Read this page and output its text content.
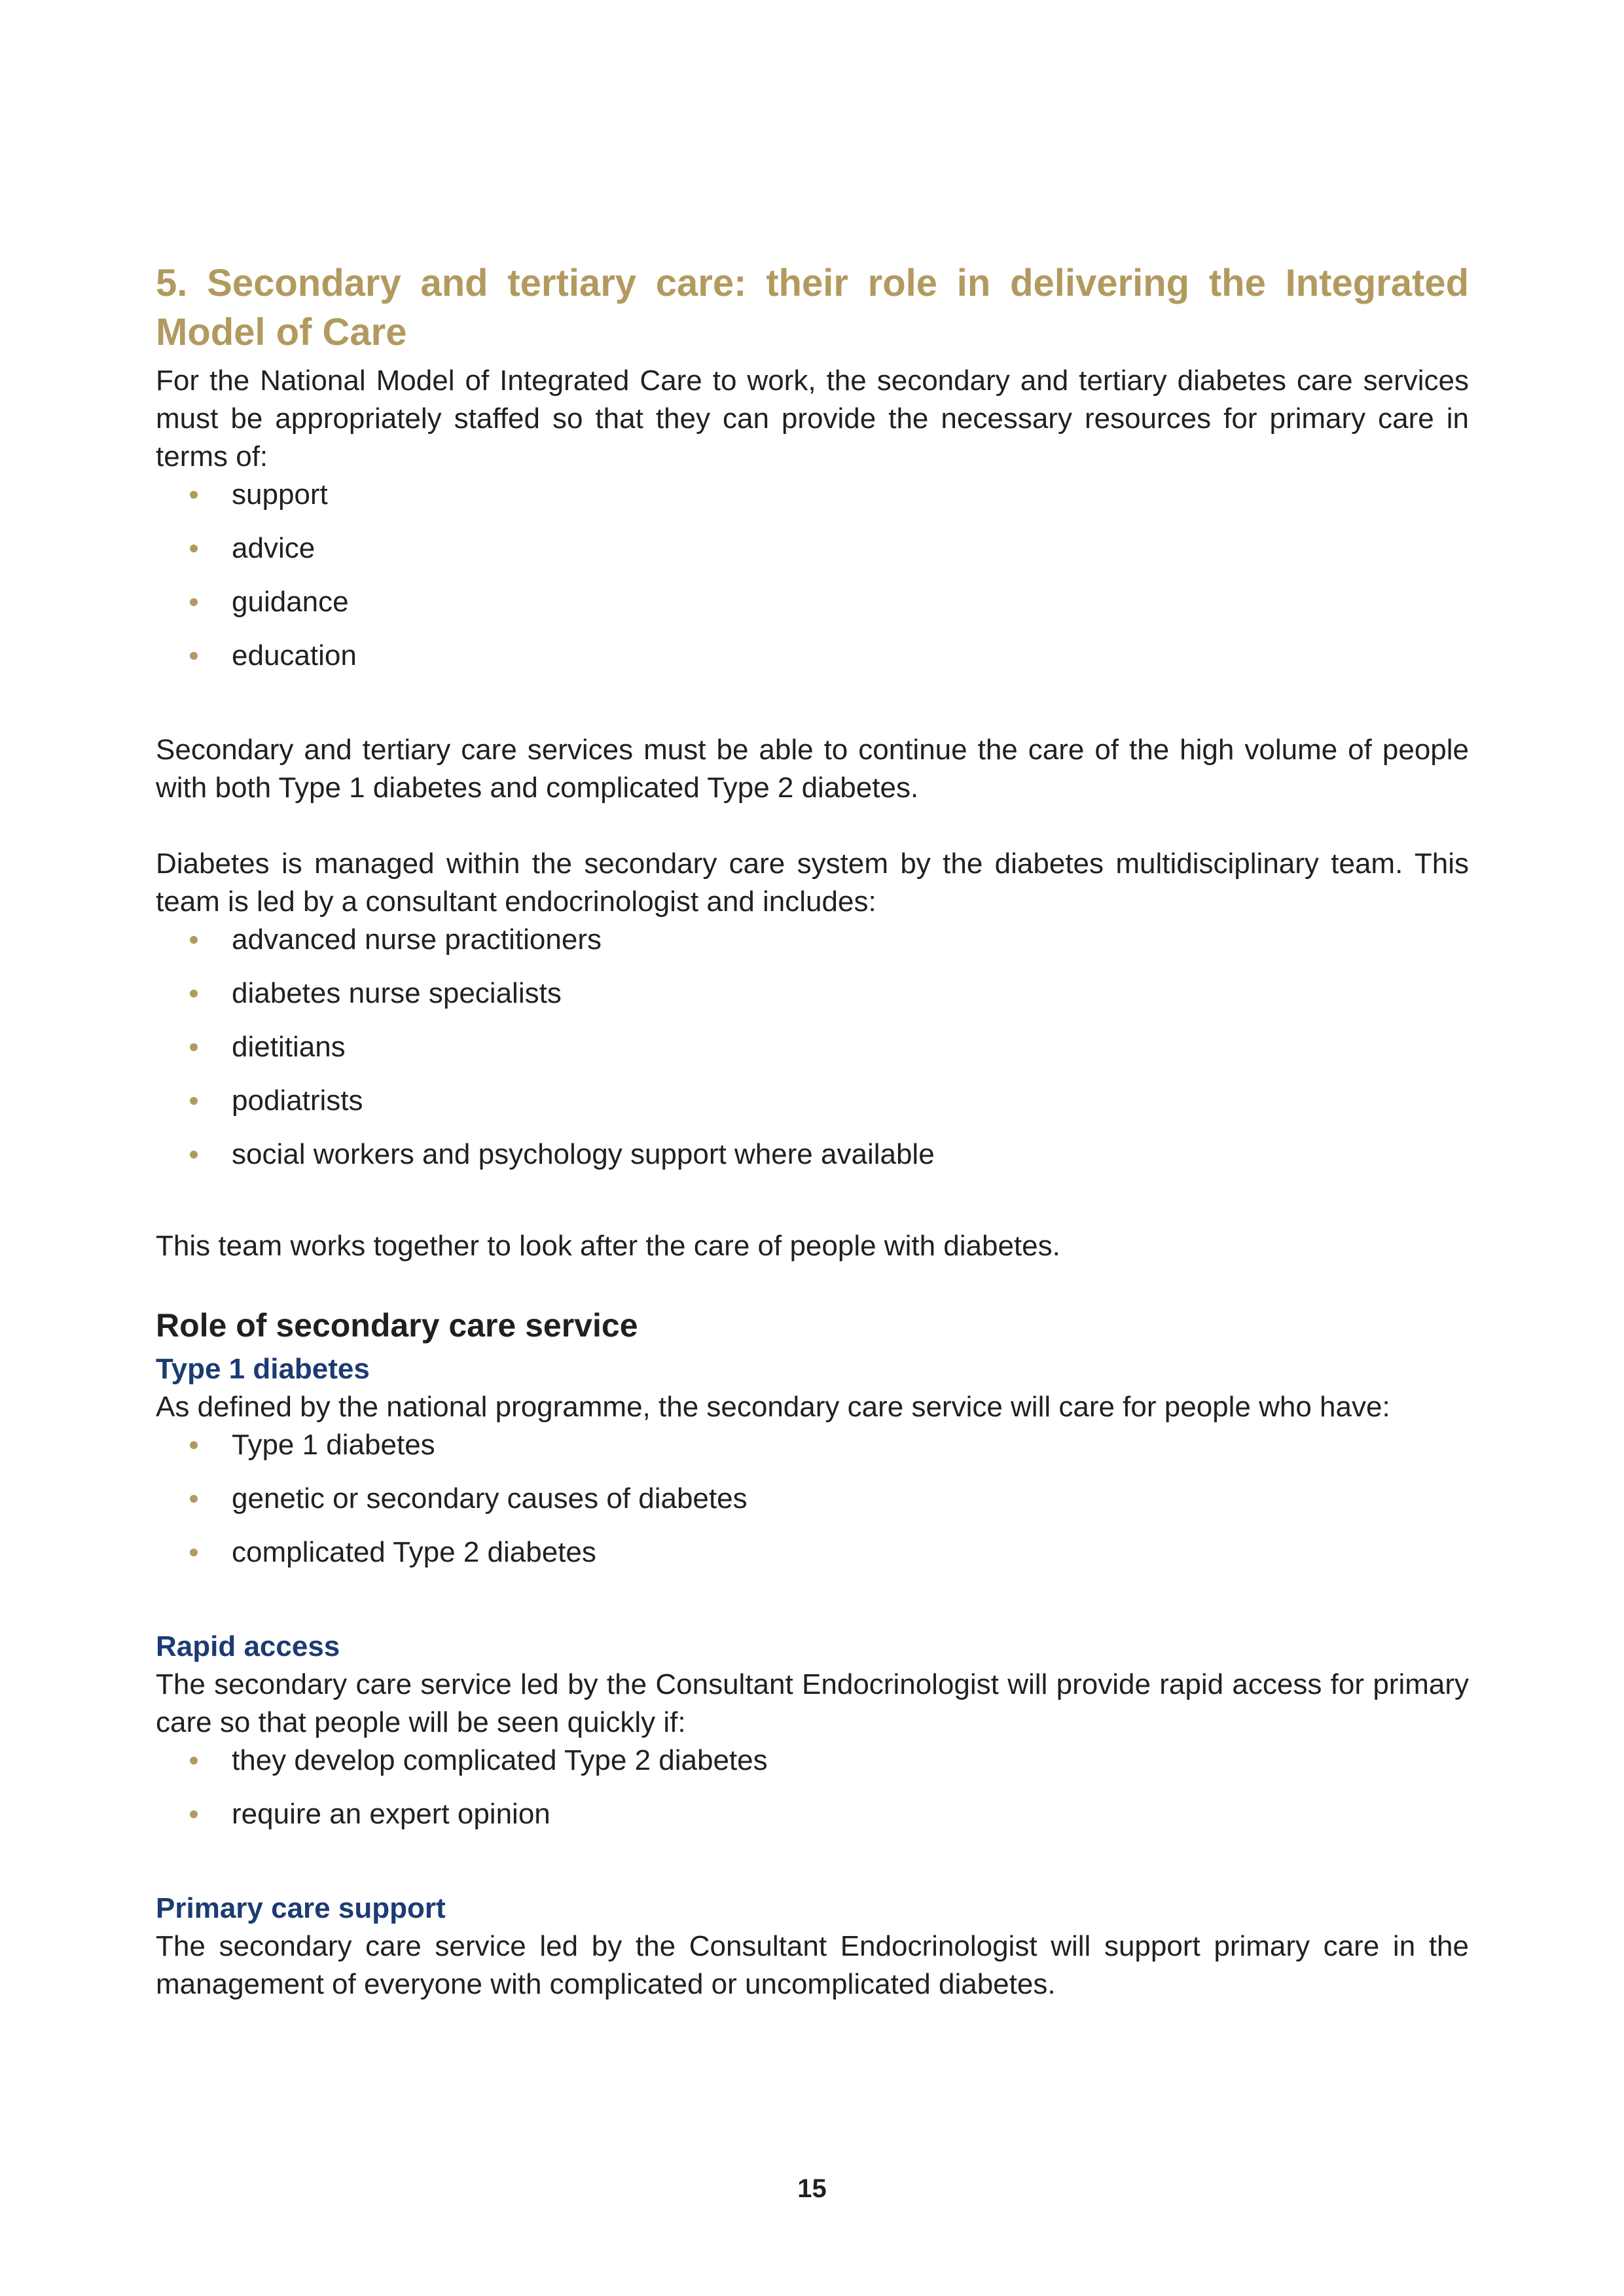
5. Secondary and tertiary care: their role in delivering the Integrated Model of Care

For the National Model of Integrated Care to work, the secondary and tertiary diabetes care services must be appropriately staffed so that they can provide the necessary resources for primary care in terms of:

support
advice
guidance
education

Secondary and tertiary care services must be able to continue the care of the high volume of people with both Type 1 diabetes and complicated Type 2 diabetes.

Diabetes is managed within the secondary care system by the diabetes multidisciplinary team. This team is led by a consultant endocrinologist and includes:

advanced nurse practitioners
diabetes nurse specialists
dietitians
podiatrists
social workers and psychology support where available

This team works together to look after the care of people with diabetes.

Role of secondary care service
Type 1 diabetes

As defined by the national programme, the secondary care service will care for people who have:

Type 1 diabetes
genetic or secondary causes of diabetes
complicated Type 2 diabetes
Rapid access

The secondary care service led by the Consultant Endocrinologist will provide rapid access for primary care so that people will be seen quickly if:

they develop complicated Type 2 diabetes
require an expert opinion
Primary care support

The secondary care service led by the Consultant Endocrinologist will support primary care in the management of everyone with complicated or uncomplicated diabetes.

15
